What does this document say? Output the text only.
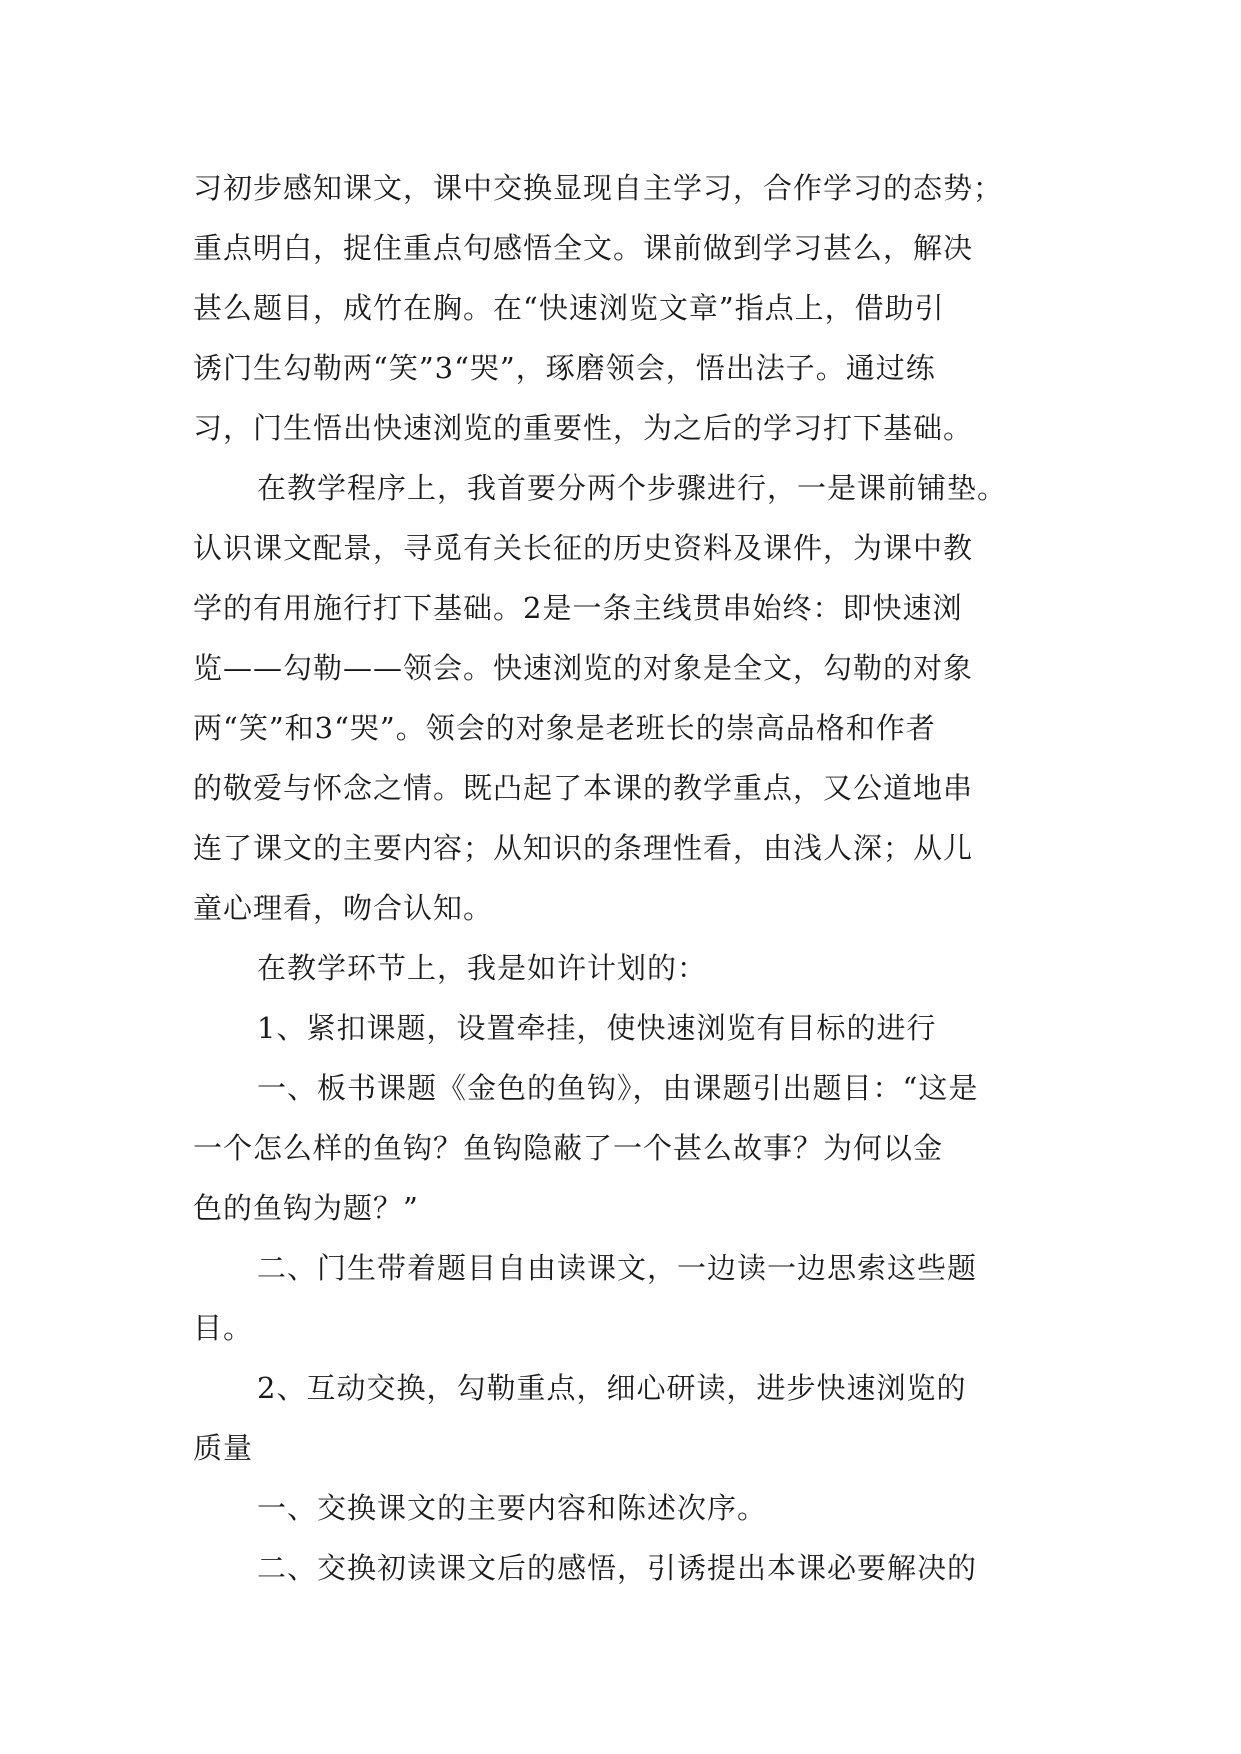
习初步感知课文，课中交换显现自主学习，合作学习的态势；
重点明白，捉住重点句感悟全文。课前做到学习甚么，解决
甚么题目，成竹在胸。在“快速浏览文章”指点上，借助引
诱门生勾勒两“笑”3“哭”，琢磨领会，悟出法子。通过练
习，门生悟出快速浏览的重要性，为之后的学习打下基础。
在教学程序上，我首要分两个步骤进行，一是课前铺垫。
认识课文配景，寻觅有关长征的历史资料及课件，为课中教
学的有用施行打下基础。2是一条主线贯串始终：即快速浏
览——勾勒——领会。快速浏览的对象是全文，勾勒的对象
两“笑”和3“哭”。领会的对象是老班长的崇高品格和作者
的敬爱与怀念之情。既凸起了本课的教学重点，又公道地串
连了课文的主要内容；从知识的条理性看，由浅人深；从儿
童心理看，吻合认知。
在教学环节上，我是如许计划的：
1、紧扣课题，设置牵挂，使快速浏览有目标的进行
一、板书课题《金色的鱼钩》，由课题引出题目：“这是
一个怎么样的鱼钩？鱼钩隐蔽了一个甚么故事？为何以金
色的鱼钩为题？”
二、门生带着题目自由读课文，一边读一边思索这些题
目。
2、互动交换，勾勒重点，细心研读，进步快速浏览的
质量
一、交换课文的主要内容和陈述次序。
二、交换初读课文后的感悟，引诱提出本课必要解决的
